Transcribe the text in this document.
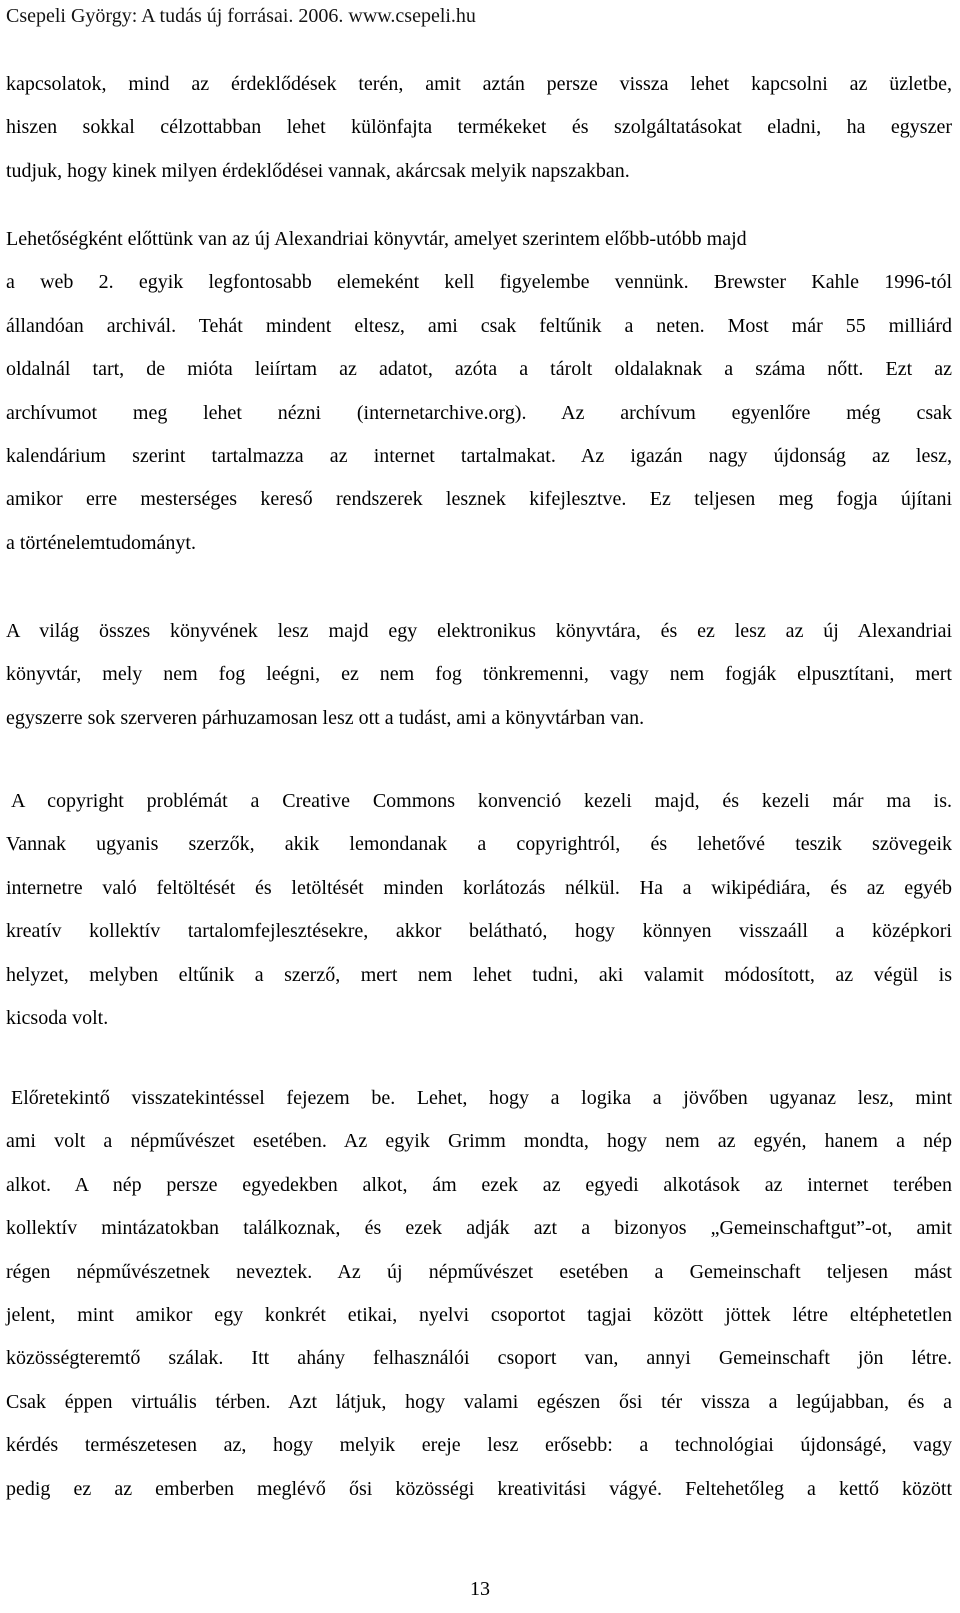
Csepeli György: A tudás új forrásai. 2006. www.csepeli.hu
kapcsolatok, mind az érdeklődések terén, amit aztán persze vissza lehet kapcsolni az üzletbe,
hiszen sokkal célzottabban lehet különfajta termékeket és szolgáltatásokat eladni, ha egyszer
tudjuk, hogy kinek milyen érdeklődései vannak, akárcsak melyik napszakban.
Lehetőségként előttünk van az új Alexandriai könyvtár, amelyet szerintem előbb-utóbb majd
a web 2. egyik legfontosabb elemeként kell figyelembe vennünk. Brewster Kahle 1996-tól
állandóan archivál. Tehát mindent eltesz, ami csak feltűnik a neten. Most már 55 milliárd
oldalnál tart, de mióta leiírtam az adatot, azóta a tárolt oldalaknak a száma nőtt. Ezt az
archívumot meg lehet nézni (internetarchive.org). Az archívum egyenlőre még csak
kalendárium szerint tartalmazza az internet tartalmakat. Az igazán nagy újdonság az lesz,
amikor erre mesterséges kereső rendszerek lesznek kifejlesztve. Ez teljesen meg fogja újítani
a történelemtudományt.
A világ összes könyvének lesz majd egy elektronikus könyvtára, és ez lesz az új Alexandriai
könyvtár, mely nem fog leégni, ez nem fog tönkremenni, vagy nem fogják elpusztítani, mert
egyszerre sok szerveren párhuzamosan lesz ott a tudást, ami a könyvtárban van.
A copyright problémát a Creative Commons konvenció kezeli majd, és kezeli már ma is.
Vannak ugyanis szerzők, akik lemondanak a copyrightról, és lehetővé teszik szövegeik
internetre való feltöltését és letöltését minden korlátozás nélkül. Ha a wikipédiára, és az egyéb
kreatív kollektív tartalomfejlesztésekre, akkor belátható, hogy könnyen visszaáll a középkori
helyzet, melyben eltűnik a szerző, mert nem lehet tudni, aki valamit módosított, az végül is
kicsoda volt.
Előretekintő visszatekintéssel fejezem be. Lehet, hogy a logika a jövőben ugyanaz lesz, mint
ami volt a népművészet esetében. Az egyik Grimm mondta, hogy nem az egyén, hanem a nép
alkot. A nép persze egyedekben alkot, ám ezek az egyedi alkotások az internet terében
kollektív mintázatokban találkoznak, és ezek adják azt a bizonyos „Gemeinschaftgut”-ot, amit
régen népművészetnek neveztek. Az új népművészet esetében a Gemeinschaft teljesen mást
jelent, mint amikor egy konkrét etikai, nyelvi csoportot tagjai között jöttek létre eltéphetetlen
közösségteremtő szálak. Itt ahány felhasználói csoport van, annyi Gemeinschaft jön létre.
Csak éppen virtuális térben. Azt látjuk, hogy valami egészen ősi tér vissza a legújabban, és a
kérdés természetesen az, hogy melyik ereje lesz erősebb: a technológiai újdonságé, vagy
pedig ez az emberben meglévő ősi közösségi kreativitási vágyé. Feltehetőleg a kettő között
13
